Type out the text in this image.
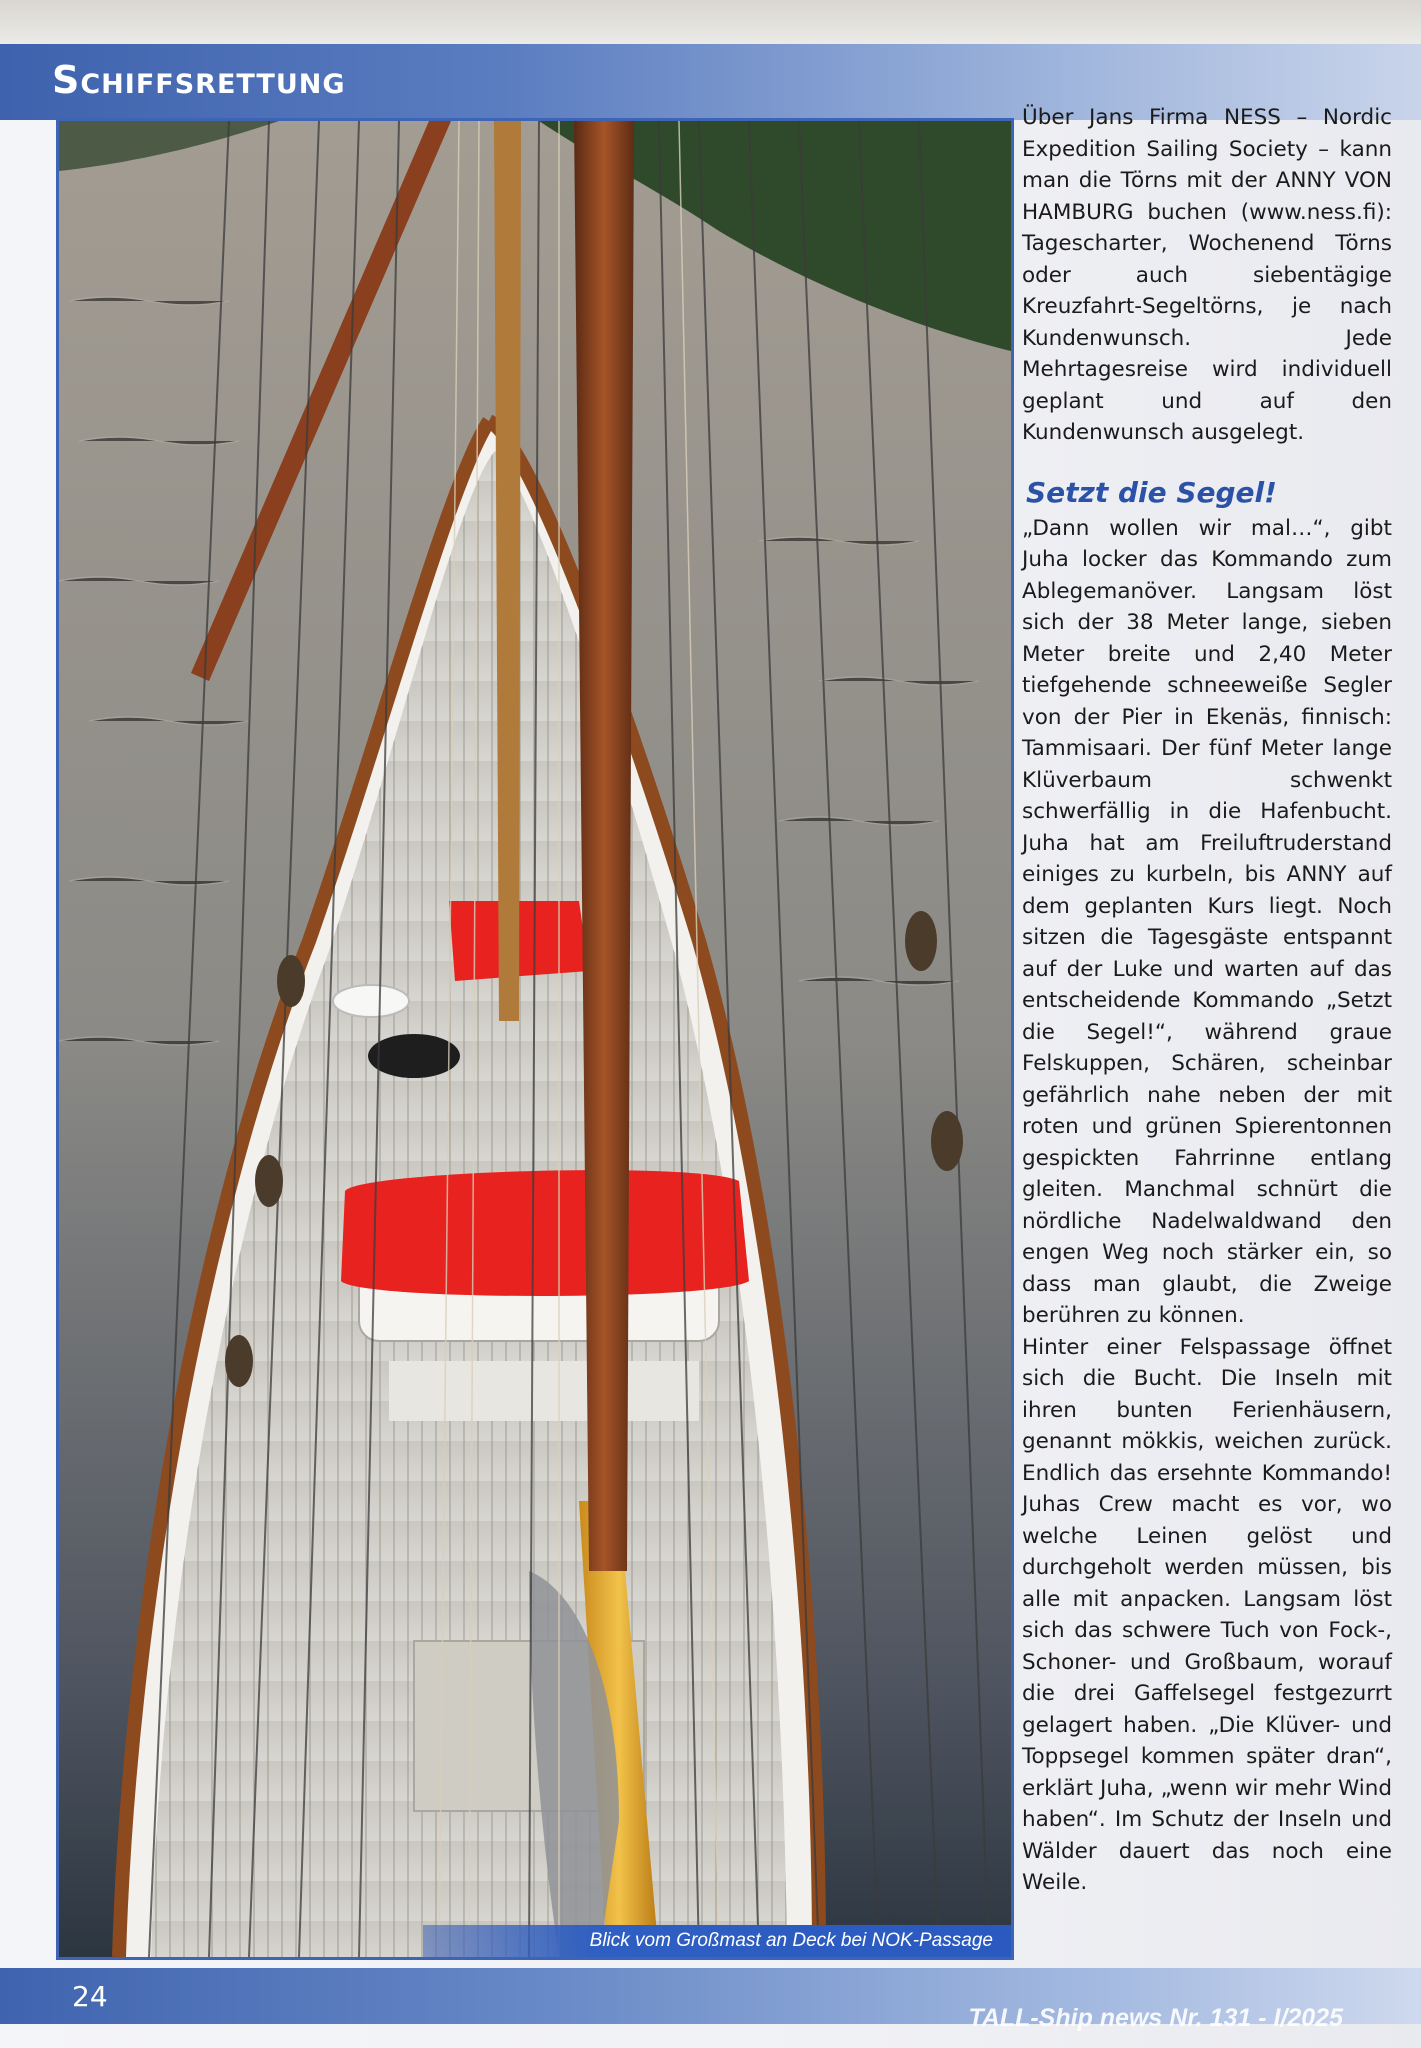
Schiffsrettung
Blick vom Großmast an Deck bei NOK-Passage

Über Jans Firma NESS – Nordic Expedition Sailing Society – kann man die Törns mit der ANNY VON HAMBURG buchen (www.ness.fi): Tagescharter, Wochenend Törns oder auch siebentägige Kreuzfahrt-Segeltörns, je nach Kundenwunsch. Jede Mehrtagesreise wird individuell geplant und auf den Kundenwunsch ausgelegt.

Setzt die Segel!

„Dann wollen wir mal…“, gibt Juha locker das Kommando zum Ablegemanöver. Langsam löst sich der 38 Meter lange, sieben Meter breite und 2,40 Meter tiefgehende schneeweiße Segler von der Pier in Ekenäs, finnisch: Tammisaari. Der fünf Meter lange Klüverbaum schwenkt schwerfällig in die Hafenbucht. Juha hat am Freiluftruderstand einiges zu kurbeln, bis ANNY auf dem geplanten Kurs liegt. Noch sitzen die Tagesgäste entspannt auf der Luke und warten auf das entscheidende Kommando „Setzt die Segel!“, während graue Felskuppen, Schären, scheinbar gefährlich nahe neben der mit roten und grünen Spierentonnen gespickten Fahrrinne entlang gleiten. Manchmal schnürt die nördliche Nadelwaldwand den engen Weg noch stärker ein, so dass man glaubt, die Zweige berühren zu können.

Hinter einer Felspassage öffnet sich die Bucht. Die Inseln mit ihren bunten Ferienhäusern, genannt mökkis, weichen zurück. Endlich das ersehnte Kommando! Juhas Crew macht es vor, wo welche Leinen gelöst und durchgeholt werden müssen, bis alle mit anpacken. Langsam löst sich das schwere Tuch von Fock-, Schoner- und Großbaum, worauf die drei Gaffelsegel festgezurrt gelagert haben. „Die Klüver- und Toppsegel kommen später dran“, erklärt Juha, „wenn wir mehr Wind haben“. Im Schutz der Inseln und Wälder dauert das noch eine Weile.

24
TALL-Ship news Nr. 131 - I/2025
